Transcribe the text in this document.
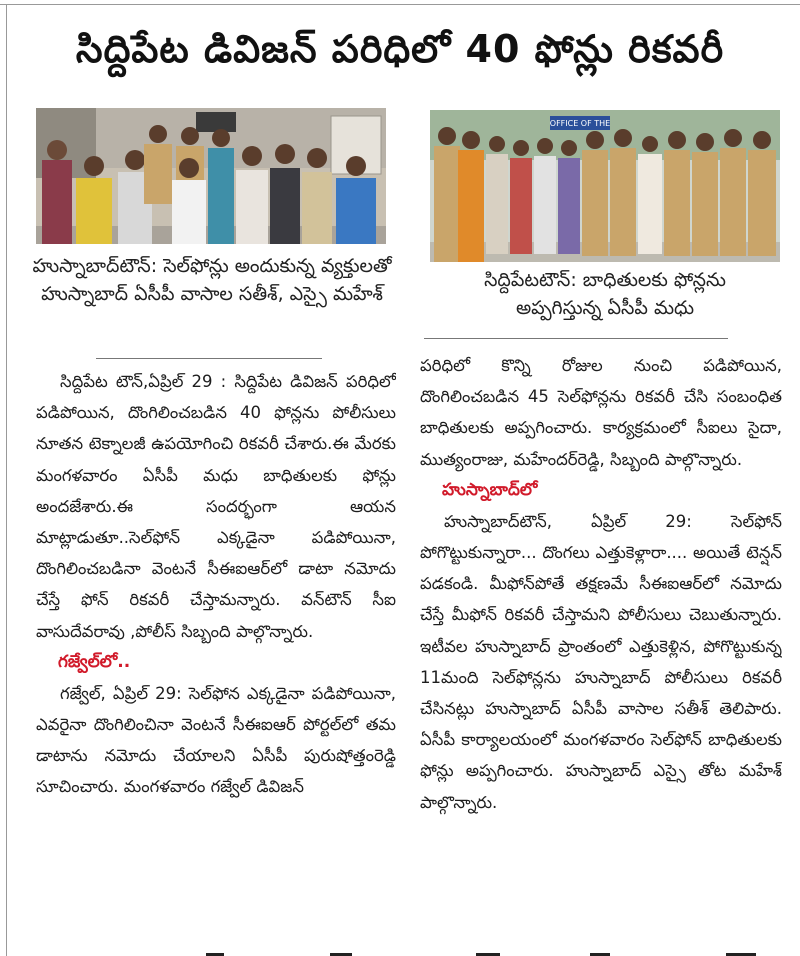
సిద్దిపేట డివిజన్ పరిధిలో 40 ఫోన్లు రికవరీ
OFFICE OF THE
హుస్నాబాద్‌టౌన్: సెల్‌ఫోన్లు అందుకున్న వ్యక్తులతో హుస్నాబాద్ ఏసీపీ వాసాల సతీశ్, ఎస్సై మహేశ్
సిద్దిపేటటౌన్: బాధితులకు ఫోన్లను అప్పగిస్తున్న ఏసీపీ మధు

సిద్దిపేట టౌన్,ఏప్రిల్ 29 : సిద్దిపేట డివిజన్ పరిధిలో పడిపోయిన, దొంగిలించబడిన 40 ఫోన్లను పోలీసులు నూతన టెక్నాలజీ ఉపయోగించి రికవరీ చేశారు.ఈ మేరకు మంగళవారం ఏసీపీ మధు బాధితులకు ఫోన్లు అందజేశారు.ఈ సందర్భంగా ఆయన మాట్లాడుతూ..సెల్‌ఫోన్ ఎక్కడైనా పడిపోయినా, దొంగిలించబడినా వెంటనే సీఈఐఆర్‌లో డాటా నమోదు చేస్తే ఫోన్ రికవరీ చేస్తామన్నారు. వన్‌టౌన్ సీఐ వాసుదేవరావు ,పోలీస్ సిబ్బంది పాల్గొన్నారు.

గజ్వేల్‌లో..

గజ్వేల్, ఏప్రిల్ 29: సెల్‌ఫోన ఎక్కడైనా పడిపోయినా, ఎవరైనా దొంగిలించినా వెంటనే సీఈఐఆర్ పోర్టల్‌లో తమ డాటాను నమోదు చేయాలని ఏసీపీ పురుషోత్తంరెడ్డి సూచించారు. మంగళవారం గజ్వేల్ డివిజన్

పరిధిలో కొన్ని రోజుల నుంచి పడిపోయిన, దొంగిలించబడిన 45 సెల్‌ఫోన్లను రికవరీ చేసి సంబంధిత బాధితులకు అప్పగించారు. కార్యక్రమంలో సీఐలు సైదా, ముత్యంరాజు, మహేందర్‌రెడ్డి, సిబ్బంది పాల్గొన్నారు.

హుస్నాబాద్‌లో

హుస్నాబాద్‌టౌన్, ఏప్రిల్ 29: సెల్‌ఫోన్ పోగొట్టుకున్నారా... దొంగలు ఎత్తుకెళ్లారా.... అయితే టెన్షన్ పడకండి. మీఫోన్‌పోతే తక్షణమే సీఈఐఆర్‌లో నమోదు చేస్తే మీఫోన్ రికవరీ చేస్తామని పోలీసులు చెబుతున్నారు. ఇటీవల హుస్నాబాద్ ప్రాంతంలో ఎత్తుకెళ్లిన, పోగొట్టుకున్న 11మంది సెల్‌ఫోన్లను హుస్నాబాద్ పోలీసులు రికవరీ చేసినట్లు హుస్నాబాద్ ఏసీపీ వాసాల సతీశ్ తెలిపారు. ఏసీపీ కార్యాలయంలో మంగళవారం సెల్‌ఫోన్ బాధితులకు ఫోన్లు అప్పగించారు. హుస్నాబాద్ ఎస్సై తోట మహేశ్ పాల్గొన్నారు.
